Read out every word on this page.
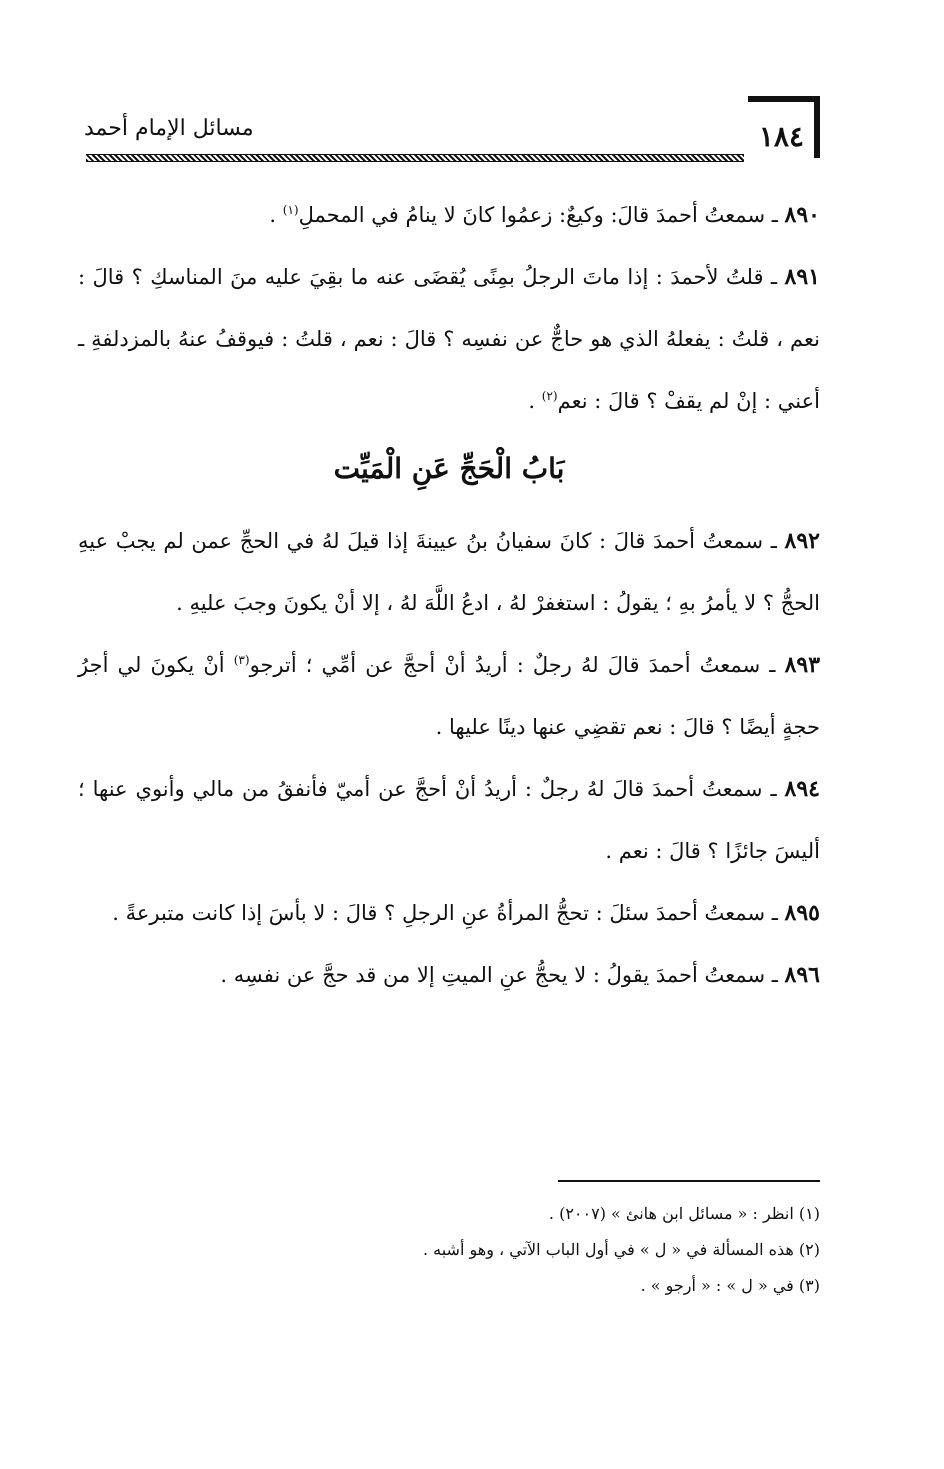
١٨٤
مسائل الإمام أحمد

٨٩٠ ـ سمعتُ أحمدَ قالَ: وكيعٌ: زعمُوا كانَ لا ينامُ في المحملِ$^{(١)}$ .

٨٩١ ـ قلتُ لأحمدَ : إذا ماتَ الرجلُ بمِنًى يُقضَى عنه ما بقِيَ عليه منَ المناسكِ ؟ قالَ : نعم ، قلتُ : يفعلهُ الذي هو حاجٌّ عن نفسِه ؟ قالَ : نعم ، قلتُ : فيوقفُ عنهُ بالمزدلفةِ ـ أعني : إنْ لم يقفْ ؟ قالَ : نعم$^{(٢)}$ .

بَابُ الْحَجِّ عَنِ الْمَيِّت

٨٩٢ ـ سمعتُ أحمدَ قالَ : كانَ سفيانُ بنُ عيينةَ إذا قيلَ لهُ في الحجِّ عمن لم يجبْ عيهِ الحجُّ ؟ لا يأمرُ بهِ ؛ يقولُ : استغفرْ لهُ ، ادعُ اللَّهَ لهُ ، إلا أنْ يكونَ وجبَ عليهِ .

٨٩٣ ـ سمعتُ أحمدَ قالَ لهُ رجلٌ : أريدُ أنْ أحجَّ عن أمِّي ؛ أترجو$^{(٣)}$ أنْ يكونَ لي أجرُ حجةٍ أيضًا ؟ قالَ : نعم تقضِي عنها دينًا عليها .

٨٩٤ ـ سمعتُ أحمدَ قالَ لهُ رجلٌ : أريدُ أنْ أحجَّ عن أميّ فأنفقُ من مالي وأنوي عنها ؛ أليسَ جائزًا ؟ قالَ : نعم .

٨٩٥ ـ سمعتُ أحمدَ سئلَ : تحجُّ المرأةُ عنِ الرجلِ ؟ قالَ : لا بأسَ إذا كانت متبرعةً .

٨٩٦ ـ سمعتُ أحمدَ يقولُ : لا يحجُّ عنِ الميتِ إلا من قد حجَّ عن نفسِه .

(١) انظر : « مسائل ابن هانئ » (٢٠٠٧) .

(٢) هذه المسألة في « ل » في أول الباب الآتي ، وهو أشبه .

(٣) في « ل » : « أرجو » .
